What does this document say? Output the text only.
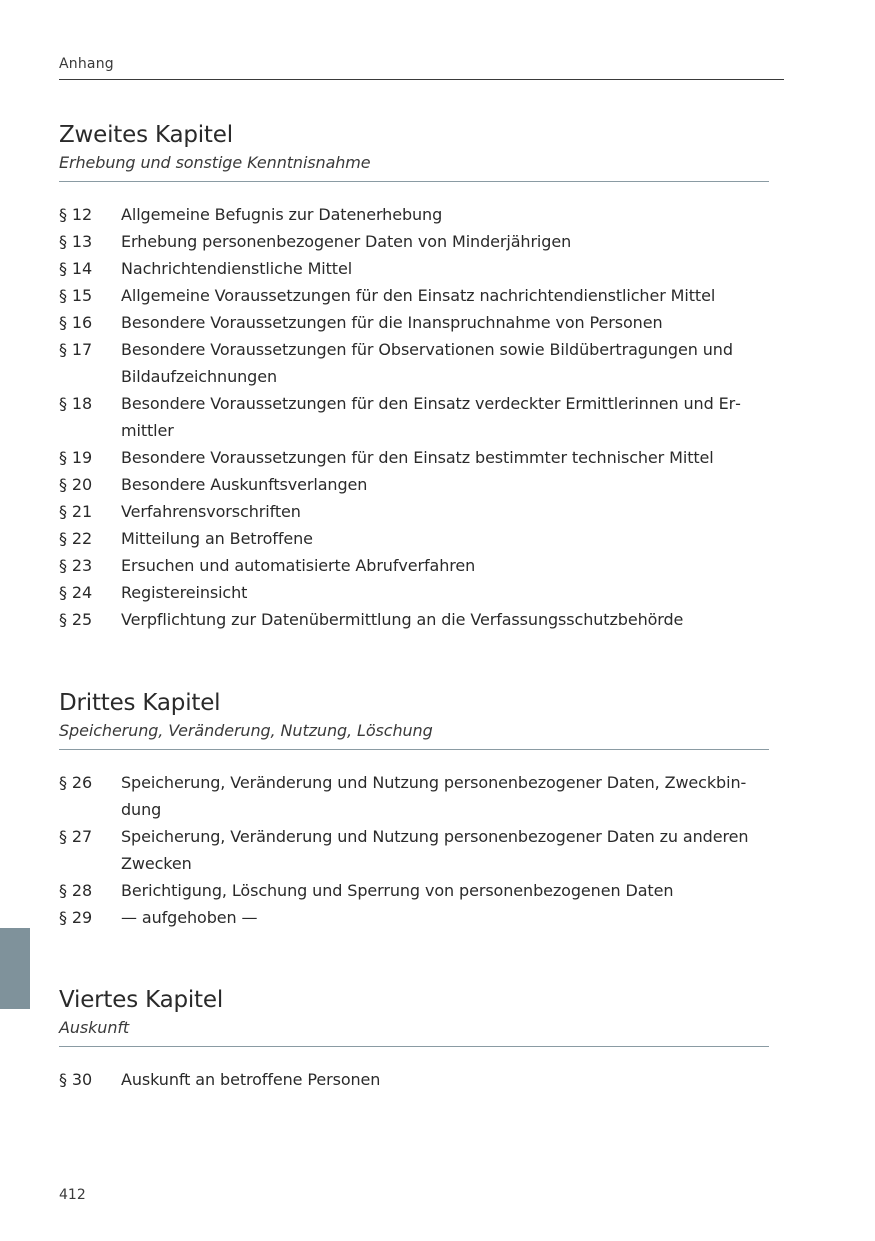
Anhang
Zweites Kapitel
Erhebung und sonstige Kenntnisnahme
§ 12	Allgemeine Befugnis zur Datenerhebung
§ 13	Erhebung personenbezogener Daten von Minderjährigen
§ 14	Nachrichtendienstliche Mittel
§ 15	Allgemeine Voraussetzungen für den Einsatz nachrichtendienstlicher Mittel
§ 16	Besondere Voraussetzungen für die Inanspruchnahme von Personen
§ 17	Besondere Voraussetzungen für Observationen sowie Bildübertragungen und Bildaufzeichnungen
§ 18	Besondere Voraussetzungen für den Einsatz verdeckter Ermittlerinnen und Ermittler
§ 19	Besondere Voraussetzungen für den Einsatz bestimmter technischer Mittel
§ 20	Besondere Auskunftsverlangen
§ 21	Verfahrensvorschriften
§ 22	Mitteilung an Betroffene
§ 23	Ersuchen und automatisierte Abrufverfahren
§ 24	Registereinsicht
§ 25	Verpflichtung zur Datenübermittlung an die Verfassungsschutzbehörde
Drittes Kapitel
Speicherung, Veränderung, Nutzung, Löschung
§ 26	Speicherung, Veränderung und Nutzung personenbezogener Daten, Zweckbindung
§ 27	Speicherung, Veränderung und Nutzung personenbezogener Daten zu anderen Zwecken
§ 28	Berichtigung, Löschung und Sperrung von personenbezogenen Daten
§ 29	— aufgehoben —
Viertes Kapitel
Auskunft
§ 30	Auskunft an betroffene Personen
412
